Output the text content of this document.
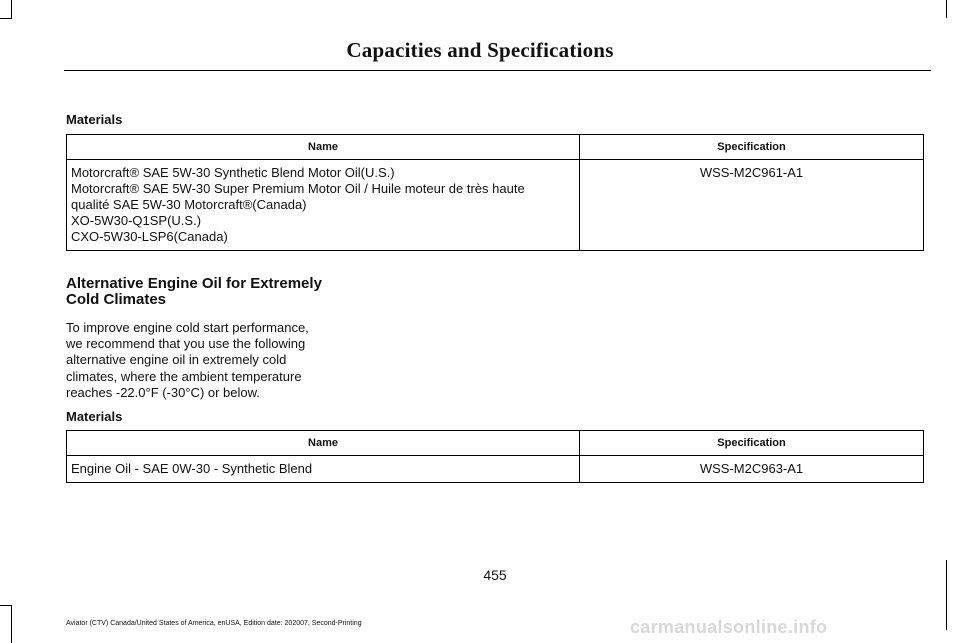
Capacities and Specifications
Materials
Name	Specification

Motorcraft® SAE 5W-30 Synthetic Blend Motor Oil(U.S.)
Motorcraft® SAE 5W-30 Super Premium Motor Oil / Huile moteur de très haute
qualité SAE 5W-30 Motorcraft®(Canada)
XO-5W30-Q1SP(U.S.)
CXO-5W30-LSP6(Canada)	WSS-M2C961-A1
Alternative Engine Oil for Extremely
Cold Climates
To improve engine cold start performance,
we recommend that you use the following
alternative engine oil in extremely cold
climates, where the ambient temperature
reaches -22.0°F (-30°C) or below.
Materials
Name	Specification
Engine Oil - SAE 0W-30 - Synthetic Blend	WSS-M2C963-A1
455
Aviator (CTV) Canada/United States of America, enUSA, Edition date: 202007, Second-Printing	carmanualsonline.info
